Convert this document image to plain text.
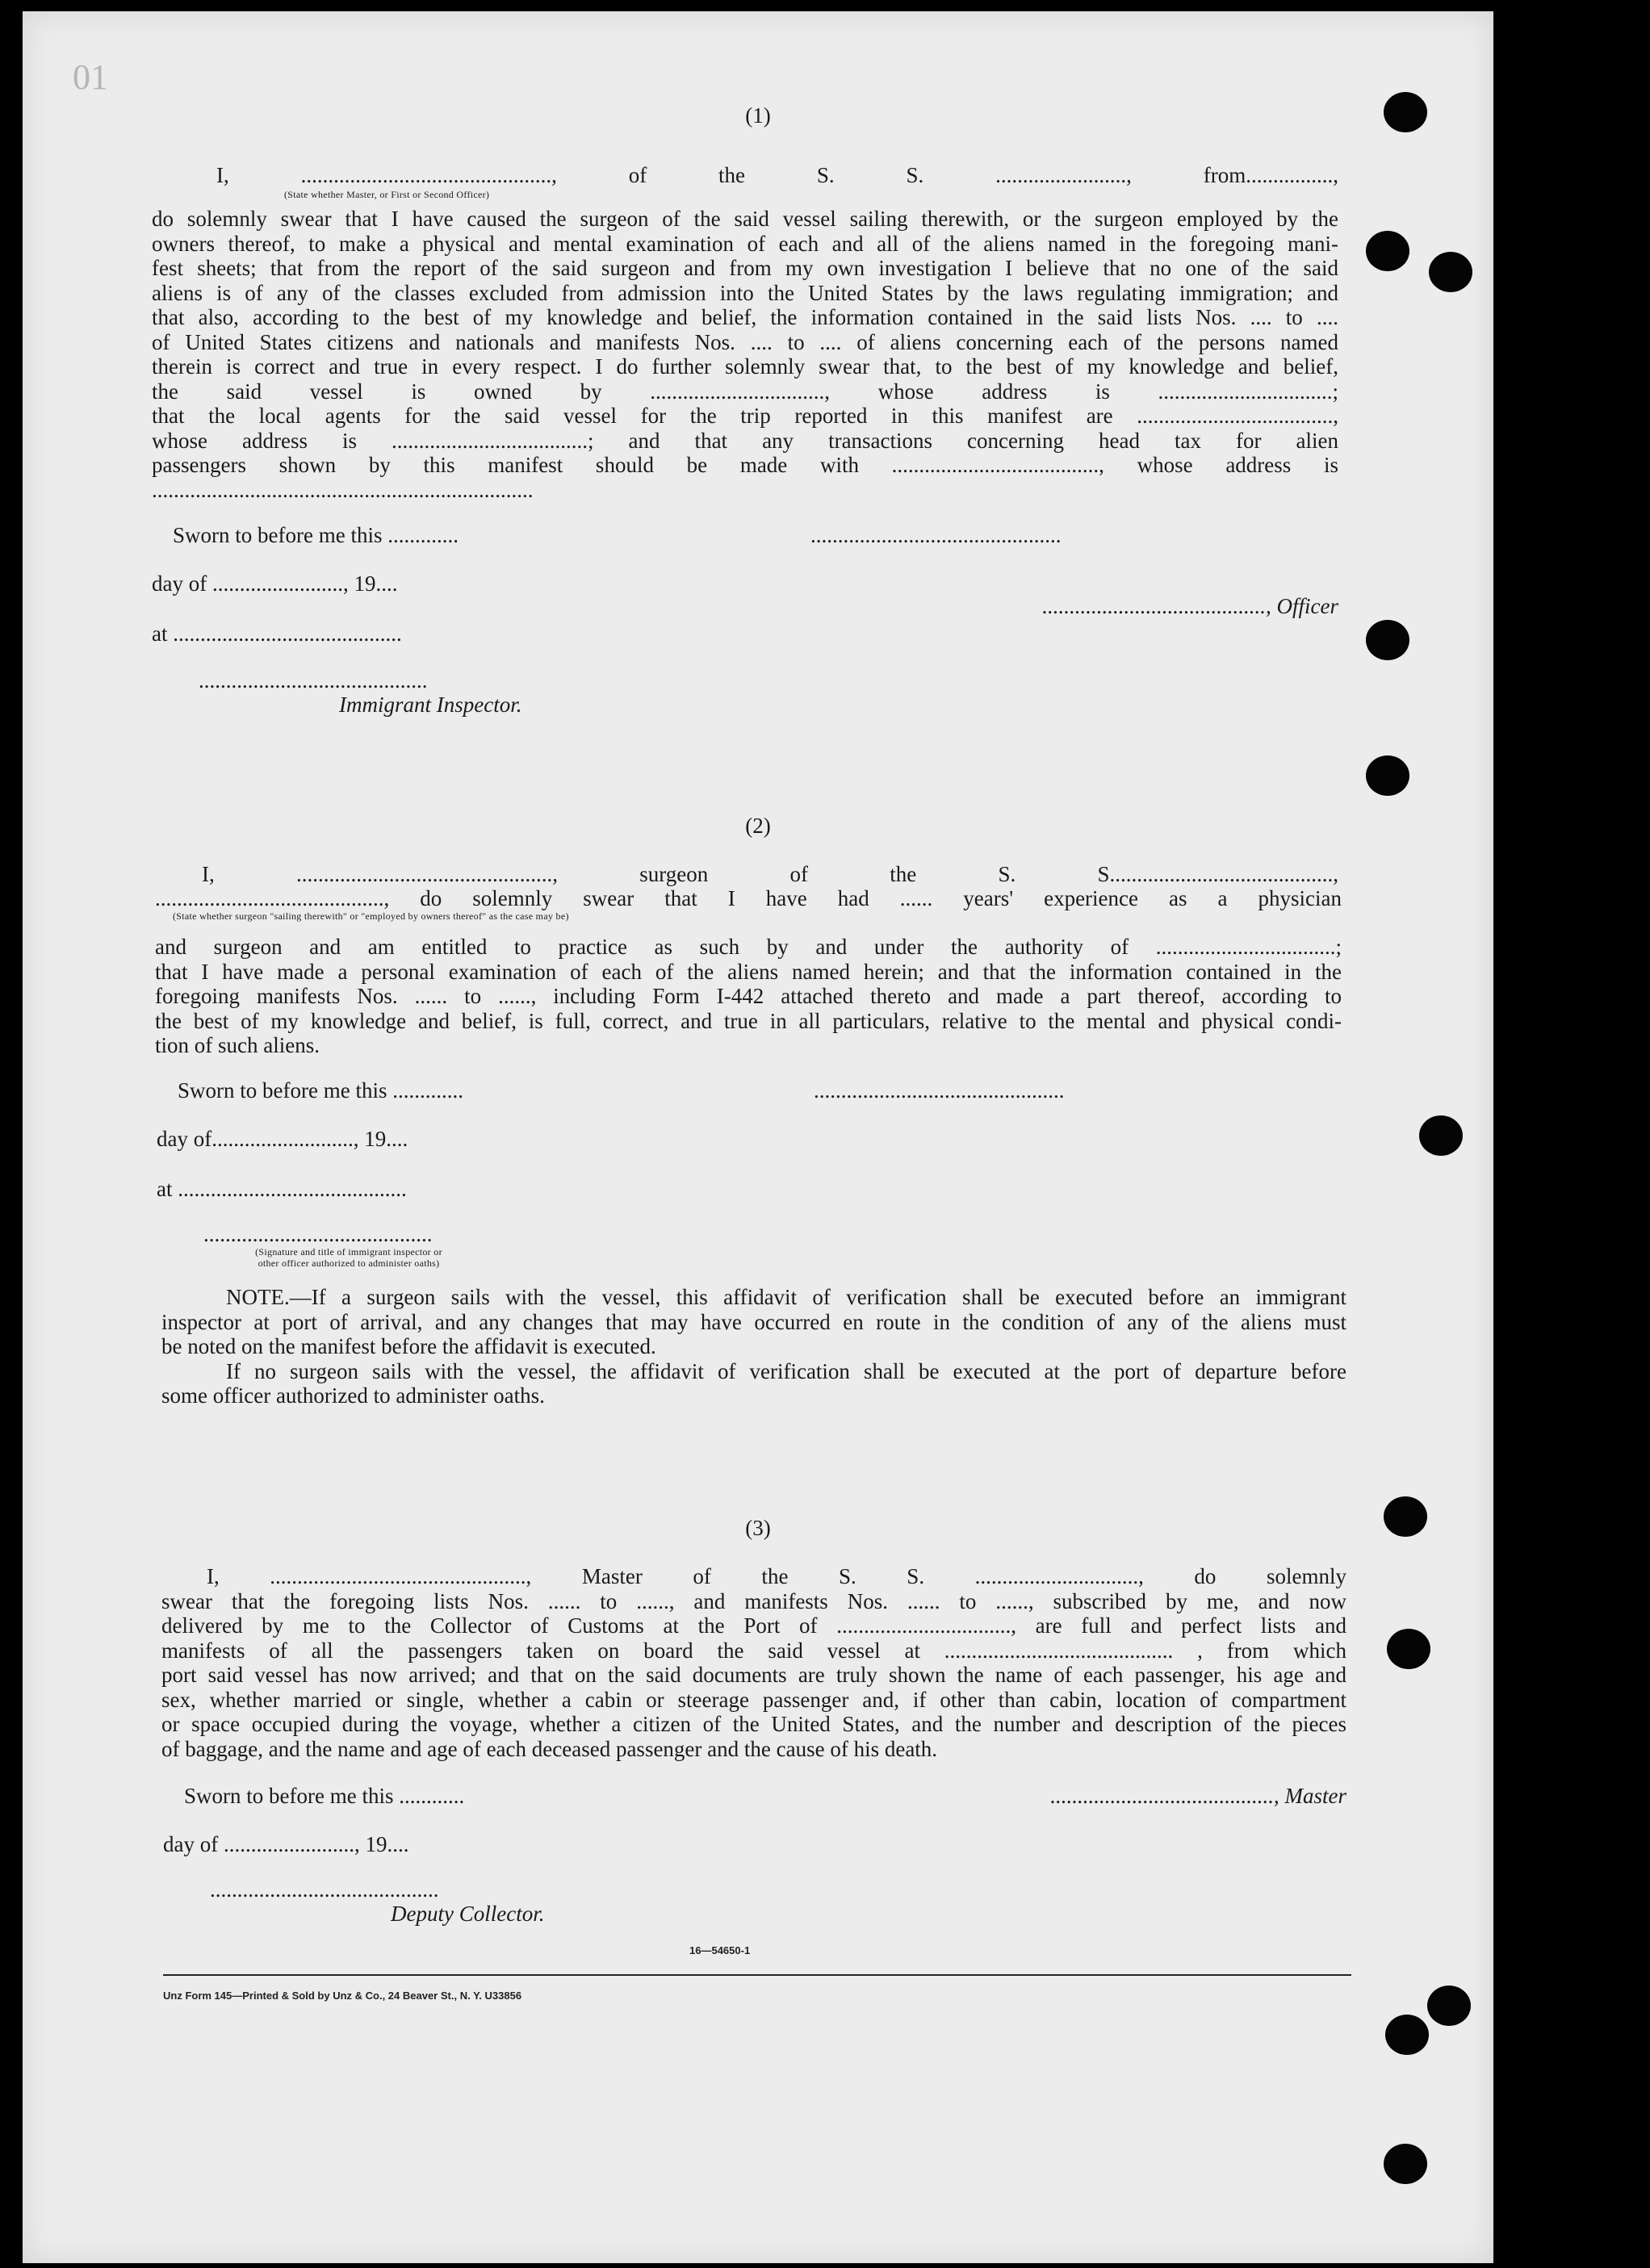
01
(1)
I, .............................................., of the S. S. ........................, from................,
(State whether Master, or First or Second Officer)
do solemnly swear that I have caused the surgeon of the said vessel sailing therewith, or the surgeon employed by the
owners thereof, to make a physical and mental examination of each and all of the aliens named in the foregoing mani-
fest sheets; that from the report of the said surgeon and from my own investigation I believe that no one of the said
aliens is of any of the classes excluded from admission into the United States by the laws regulating immigration; and
that also, according to the best of my knowledge and belief, the information contained in the said lists Nos. .... to ....
of United States citizens and nationals and manifests Nos. .... to .... of aliens concerning each of the persons named
therein is correct and true in every respect. I do further solemnly swear that, to the best of my knowledge and belief,
the said vessel is owned by ................................, whose address is ................................;
that the local agents for the said vessel for the trip reported in this manifest are ....................................,
whose address is ....................................; and that any transactions concerning head tax for alien
passengers shown by this manifest should be made with ......................................, whose address is
......................................................................
Sworn to before me this .............	..............................................
day of ........................, 19....
........................................., Officer
at ..........................................
..........................................
Immigrant Inspector.
(2)
I, ..............................................., surgeon of the S. S.........................................,
.........................................., do solemnly swear that I have had ...... years' experience as a physician
(State whether surgeon "sailing therewith" or "employed by owners thereof" as the case may be)
and surgeon and am entitled to practice as such by and under the authority of .................................;
that I have made a personal examination of each of the aliens named herein; and that the information contained in the
foregoing manifests Nos. ...... to ......, including Form I-442 attached thereto and made a part thereof, according to
the best of my knowledge and belief, is full, correct, and true in all particulars, relative to the mental and physical condi-
tion of such aliens.
Sworn to before me this .............	..............................................
day of.........................., 19....
at ..........................................
..........................................
(Signature and title of immigrant inspector or
other officer authorized to administer oaths)
NOTE.—If a surgeon sails with the vessel, this affidavit of verification shall be executed before an immigrant
inspector at port of arrival, and any changes that may have occurred en route in the condition of any of the aliens must
be noted on the manifest before the affidavit is executed.
If no surgeon sails with the vessel, the affidavit of verification shall be executed at the port of departure before
some officer authorized to administer oaths.
(3)
I, ..............................................., Master of the S. S. .............................., do solemnly
swear that the foregoing lists Nos. ...... to ......, and manifests Nos. ...... to ......, subscribed by me, and now
delivered by me to the Collector of Customs at the Port of ................................, are full and perfect lists and
manifests of all the passengers taken on board the said vessel at .......................................... , from which
port said vessel has now arrived; and that on the said documents are truly shown the name of each passenger, his age and
sex, whether married or single, whether a cabin or steerage passenger and, if other than cabin, location of compartment
or space occupied during the voyage, whether a citizen of the United States, and the number and description of the pieces
of baggage, and the name and age of each deceased passenger and the cause of his death.
Sworn to before me this ............	........................................., Master
day of ........................, 19....
..........................................
Deputy Collector.
16—54650-1
Unz Form 145—Printed & Sold by Unz & Co., 24 Beaver St., N. Y. U33856
